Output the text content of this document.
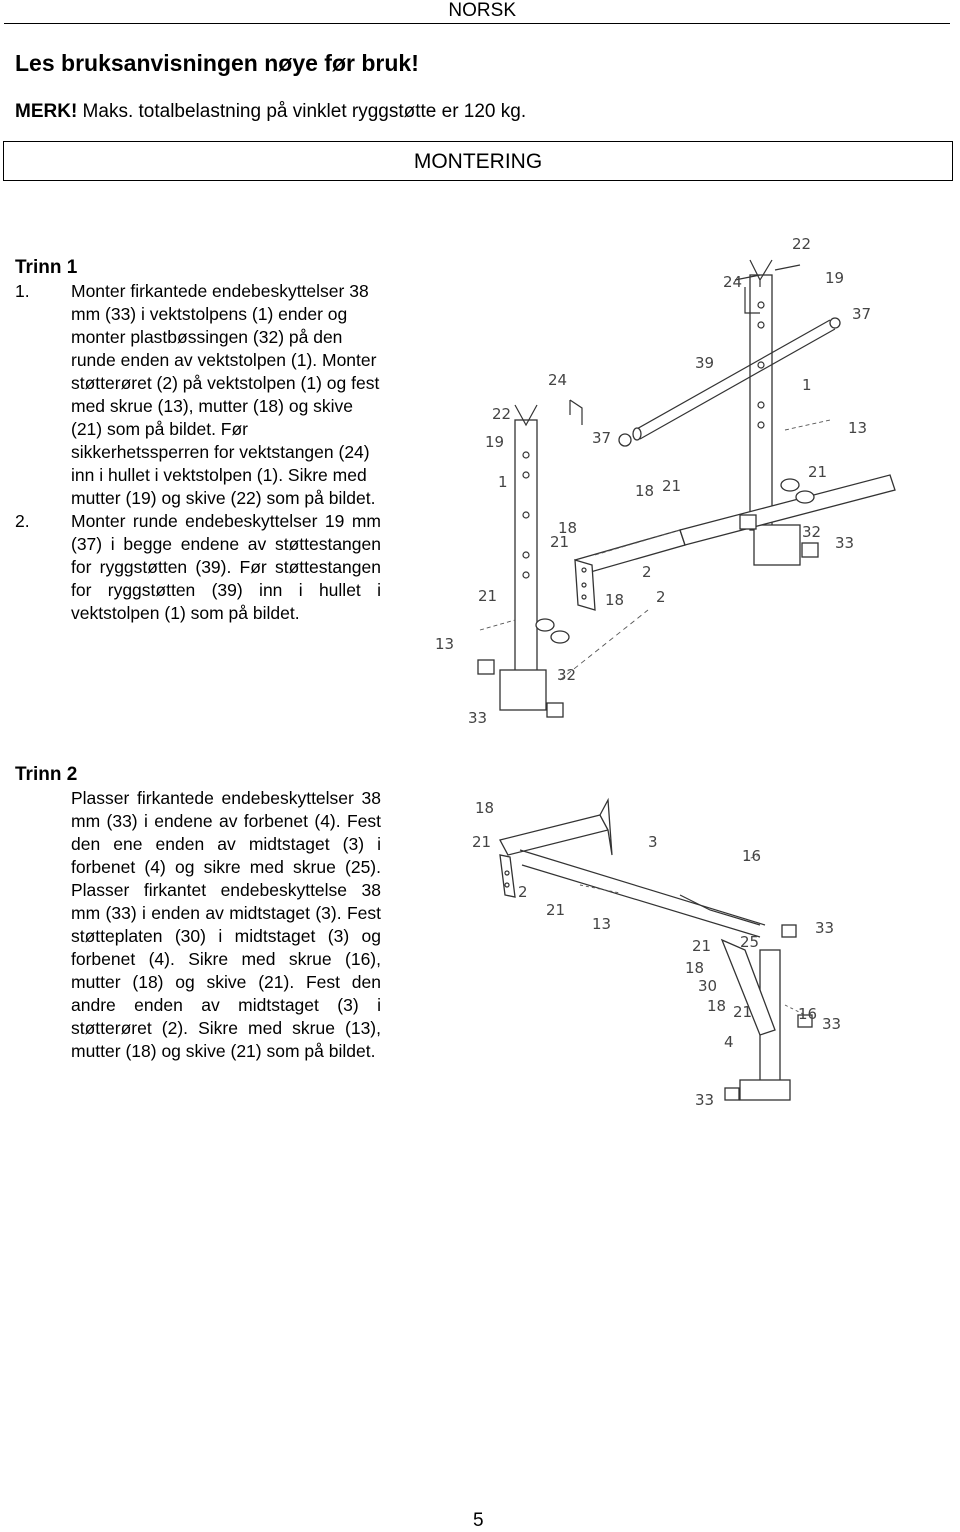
NORSK
Les bruksanvisningen nøye før bruk!
MERK! Maks. totalbelastning på vinklet ryggstøtte er 120 kg.
MONTERING
Trinn 1
1. Monter firkantede endebeskyttelser 38 mm (33) i vektstolpens (1) ender og monter plastbøssingen (32) på den runde enden av vektstolpen (1). Monter støtterøret (2) på vektstolpen (1) og fest med skrue (13), mutter (18) og skive (21) som på bildet. Før sikkerhetssperren for vektstangen (24) inn i hullet i vektstolpen (1). Sikre med mutter (19) og skive (22) som på bildet.
2. Monter runde endebeskyttelser 19 mm (37) i begge endene av støttestangen for ryggstøtten (39). Før støttestangen for ryggstøtten (39) inn i hullet i vektstolpen (1) som på bildet.
22
24	19
37
39
1
13
21
32
33
18
2
22
19
24
37
18
21
1
21
18 2
21
13
32
33
Trinn 2
Plasser firkantede endebeskyttelser 38 mm (33) i endene av forbenet (4). Fest den ene enden av midtstaget (3) i forbenet (4) og sikre med skrue (25). Plasser firkantet endebeskyttelse 38 mm (33) i enden av midtstaget (3). Fest støtteplaten (30) i midtstaget (3) og forbenet (4). Sikre med skrue (16), mutter (18) og skive (21). Fest den andre enden av midtstaget (3) i støtterøret (2). Sikre med skrue (13), mutter (18) og skive (21) som på bildet.
18
21	3
16
2
21
13	33
21 25
18
30
18 21	16
33
4
33
5
